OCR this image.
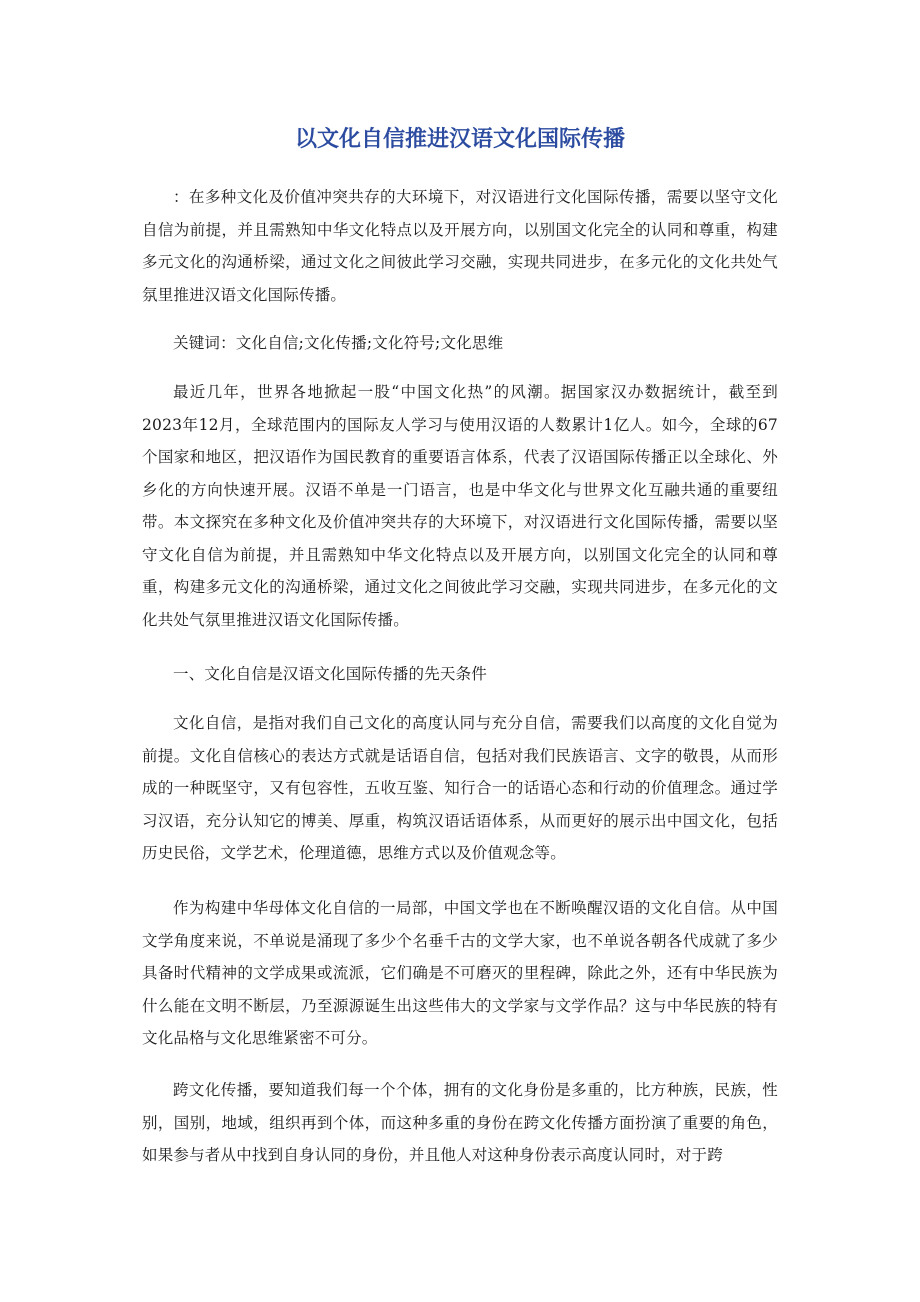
以文化自信推进汉语文化国际传播

：在多种文化及价值冲突共存的大环境下，对汉语进行文化国际传播，需要以坚守文化自信为前提，并且需熟知中华文化特点以及开展方向，以别国文化完全的认同和尊重，构建多元文化的沟通桥梁，通过文化之间彼此学习交融，实现共同进步，在多元化的文化共处气氛里推进汉语文化国际传播。

关键词：文化自信;文化传播;文化符号;文化思维

最近几年，世界各地掀起一股“中国文化热”的风潮。据国家汉办数据统计，截至到2023年12月，全球范围内的国际友人学习与使用汉语的人数累计1亿人。如今，全球的67个国家和地区，把汉语作为国民教育的重要语言体系，代表了汉语国际传播正以全球化、外乡化的方向快速开展。汉语不单是一门语言，也是中华文化与世界文化互融共通的重要纽带。本文探究在多种文化及价值冲突共存的大环境下，对汉语进行文化国际传播，需要以坚守文化自信为前提，并且需熟知中华文化特点以及开展方向，以别国文化完全的认同和尊重，构建多元文化的沟通桥梁，通过文化之间彼此学习交融，实现共同进步，在多元化的文化共处气氛里推进汉语文化国际传播。

一、文化自信是汉语文化国际传播的先天条件

文化自信，是指对我们自己文化的高度认同与充分自信，需要我们以高度的文化自觉为前提。文化自信核心的表达方式就是话语自信，包括对我们民族语言、文字的敬畏，从而形成的一种既坚守，又有包容性，五收互鉴、知行合一的话语心态和行动的价值理念。通过学习汉语，充分认知它的博美、厚重，构筑汉语话语体系，从而更好的展示出中国文化，包括历史民俗，文学艺术，伦理道德，思维方式以及价值观念等。

作为构建中华母体文化自信的一局部，中国文学也在不断唤醒汉语的文化自信。从中国文学角度来说，不单说是涌现了多少个名垂千古的文学大家，也不单说各朝各代成就了多少具备时代精神的文学成果或流派，它们确是不可磨灭的里程碑，除此之外，还有中华民族为什么能在文明不断层，乃至源源诞生出这些伟大的文学家与文学作品？这与中华民族的特有文化品格与文化思维紧密不可分。

跨文化传播，要知道我们每一个个体，拥有的文化身份是多重的，比方种族，民族，性别，国别，地域，组织再到个体，而这种多重的身份在跨文化传播方面扮演了重要的角色，如果参与者从中找到自身认同的身份，并且他人对这种身份表示高度认同时，对于跨
